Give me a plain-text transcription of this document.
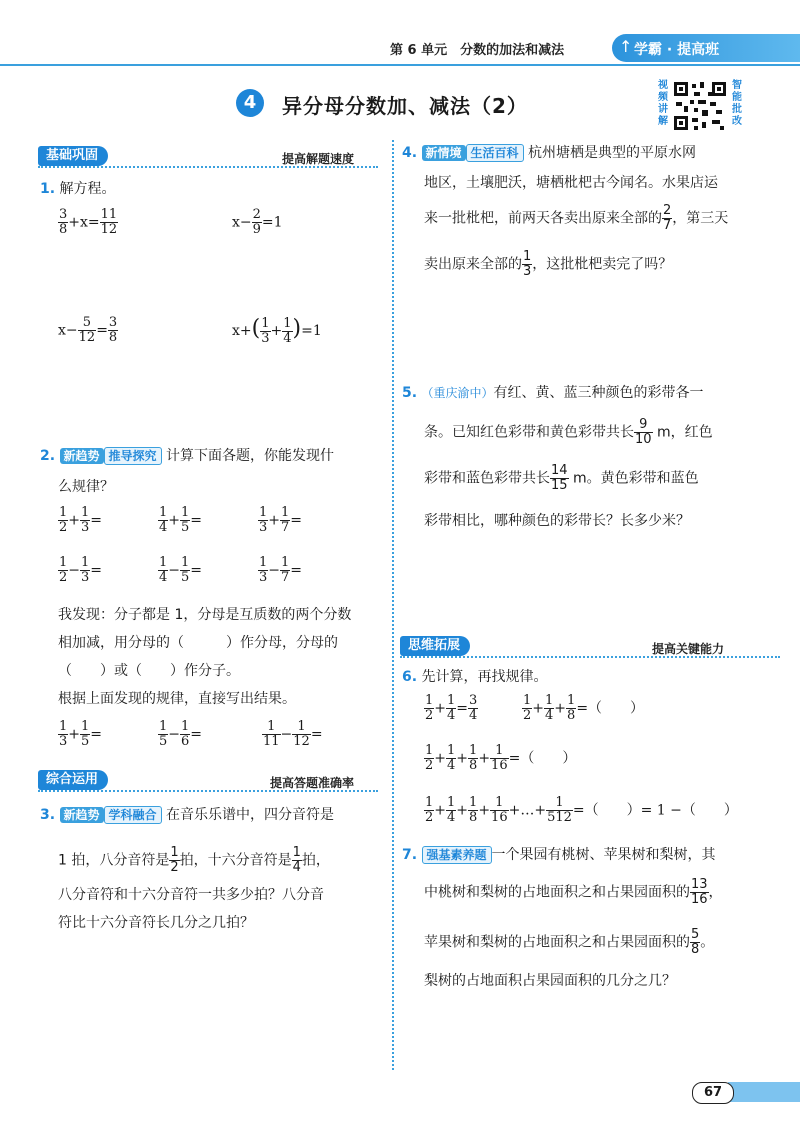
第 6 单元　分数的加法和减法	↑ 学霸 · 提高班
4	异分母分数加、减法（2）
视频讲解
智能批改
基础巩固	提高解题速度
1. 解方程。
$\frac{3}{8} +x= \frac{11}{12}$	$x- \frac{2}{9} =1$
$x- \frac{5}{12} = \frac{3}{8}$	$x+( \frac{1}{3} + \frac{1}{4} )=1$
2. 新趋势 推导探究 计算下面各题，你能发现什
么规律？
$\frac{1}{2} + \frac{1}{3}$ =	$\frac{1}{4} + \frac{1}{5}$ =	$\frac{1}{3} + \frac{1}{7}$ =
$\frac{1}{2} - \frac{1}{3}$ =	$\frac{1}{4} - \frac{1}{5}$ =	$\frac{1}{3} - \frac{1}{7}$ =
我发现：分子都是 1，分母是互质数的两个分数
相加减，用分母的（　　　）作分母，分母的
（　　）或（　　）作分子。
根据上面发现的规律，直接写出结果。
$\frac{1}{3} + \frac{1}{5}$ =	$\frac{1}{5} - \frac{1}{6}$ =	$\frac{1}{11} - \frac{1}{12}$ =
综合运用	提高答题准确率
3. 新趋势 学科融合 在音乐乐谱中，四分音符是
1 拍，八分音符是 $\frac{1}{2}$ 拍，十六分音符是 $\frac{1}{4}$ 拍，
八分音符和十六分音符一共多少拍？八分音
符比十六分音符长几分之几拍？
4. 新情境 生活百科 杭州塘栖是典型的平原水网
地区，土壤肥沃，塘栖枇杷古今闻名。水果店运
来一批枇杷，前两天各卖出原来全部的 $\frac{2}{7}$ ，第三天
卖出原来全部的 $\frac{1}{3}$ ，这批枇杷卖完了吗？
5. （重庆渝中）有红、黄、蓝三种颜色的彩带各一
条。已知红色彩带和黄色彩带共长 $\frac{9}{10}$ m，红色
彩带和蓝色彩带共长 $\frac{14}{15}$ m。黄色彩带和蓝色
彩带相比，哪种颜色的彩带长？长多少米？
思维拓展	提高关键能力
6. 先计算，再找规律。
$\frac{1}{2} + \frac{1}{4} = \frac{3}{4}$	$\frac{1}{2} + \frac{1}{4} + \frac{1}{8}$ =（　　）
$\frac{1}{2} + \frac{1}{4} + \frac{1}{8} + \frac{1}{16}$ =（　　）
$\frac{1}{2} + \frac{1}{4} + \frac{1}{8} + \frac{1}{16}$ +…+ $\frac{1}{512}$ =（　　）= 1 −（　　）
7. 强基素养题 一个果园有桃树、苹果树和梨树，其
中桃树和梨树的占地面积之和占果园面积的 $\frac{13}{16}$ ，
苹果树和梨树的占地面积之和占果园面积的 $\frac{5}{8}$ 。
梨树的占地面积占果园面积的几分之几？
67
